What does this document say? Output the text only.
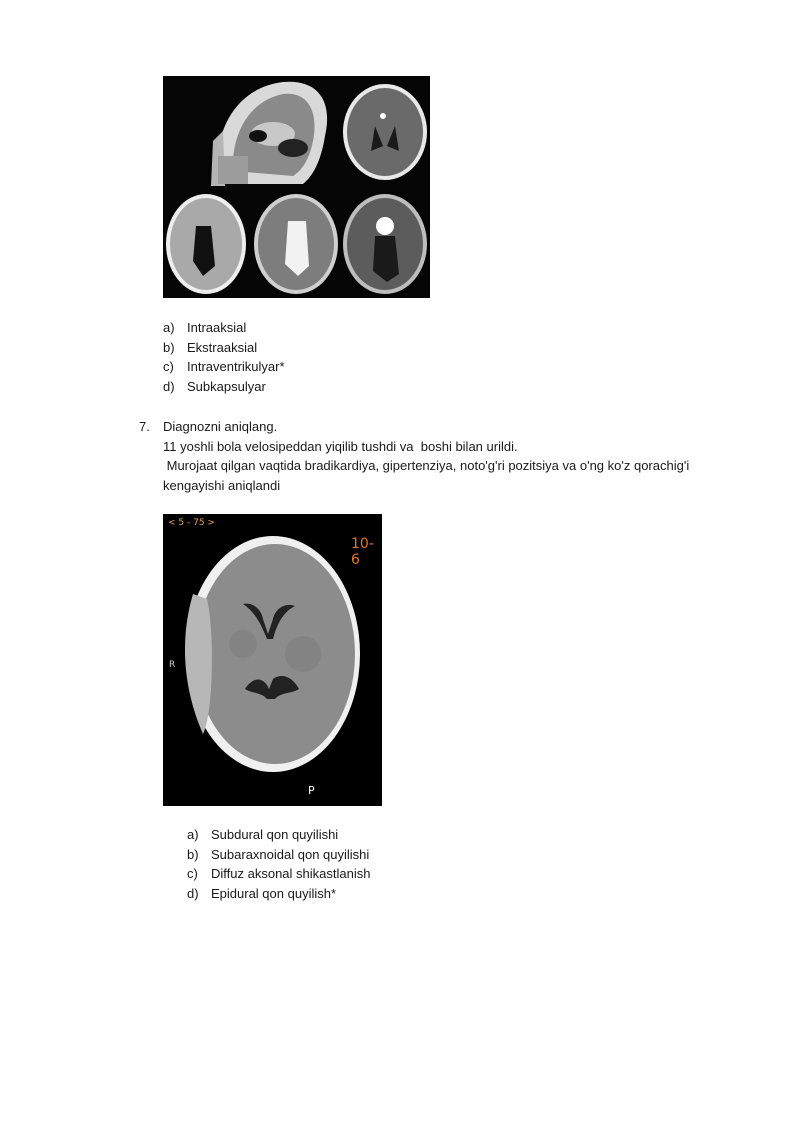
a) Intraaksial
b) Ekstraaksial
c) Intraventrikulyar*
d) Subkapsulyar
7. Diagnozni aniqlang.
11 yoshli bola velosipeddan yiqilib tushdi va  boshi bilan urildi.
Murojaat qilgan vaqtida bradikardiya, gipertenziya, noto'g'ri pozitsiya va o'ng ko'z qorachig'i
kengayishi aniqlandi
< 5 - 75 >
10-6
R
P
a) Subdural qon quyilishi
b) Subaraxnoidal qon quyilishi
c) Diffuz aksonal shikastlanish
d) Epidural qon quyilish*
